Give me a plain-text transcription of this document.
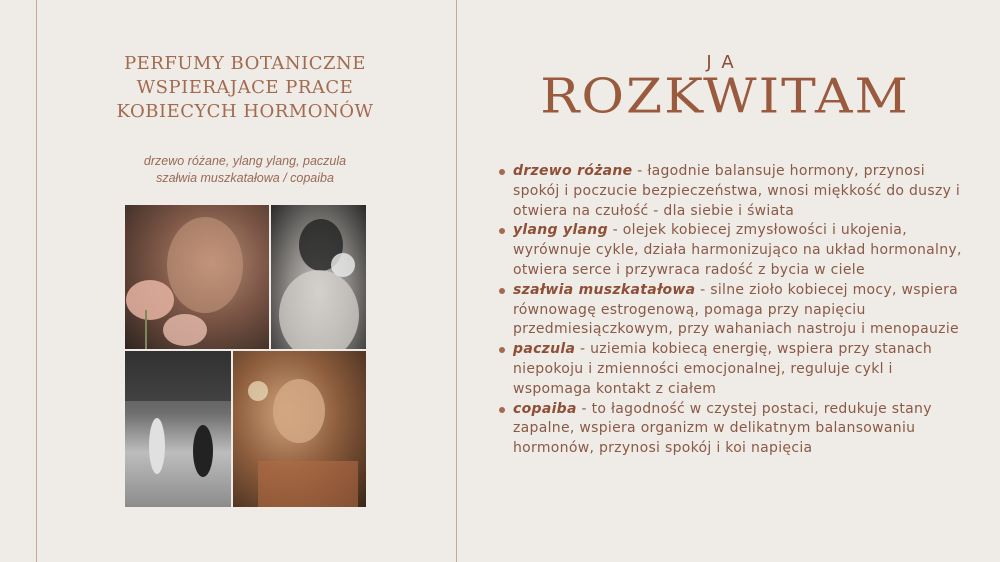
PERFUMY BOTANICZNE
WSPIERAJACE PRACE
KOBIECYCH HORMONÓW
drzewo różane, ylang ylang, paczula
szałwia muszkatałowa / copaiba
JA
ROZKWITAM
drzewo różane - łagodnie balansuje hormony, przynosi spokój i poczucie bezpieczeństwa, wnosi miękkość do duszy i otwiera na czułość - dla siebie i świata
ylang ylang - olejek kobiecej zmysłowości i ukojenia, wyrównuje cykle, działa harmonizująco na układ hormonalny, otwiera serce i przywraca radość z bycia w ciele
szałwia muszkatałowa - silne zioło kobiecej mocy, wspiera równowagę estrogenową, pomaga przy napięciu przedmiesiączkowym, przy wahaniach nastroju i menopauzie
paczula - uziemia kobiecą energię, wspiera przy stanach niepokoju i zmienności emocjonalnej, reguluje cykl i wspomaga kontakt z ciałem
copaiba - to łagodność w czystej postaci, redukuje stany zapalne, wspiera organizm w delikatnym balansowaniu hormonów, przynosi spokój i koi napięcia
